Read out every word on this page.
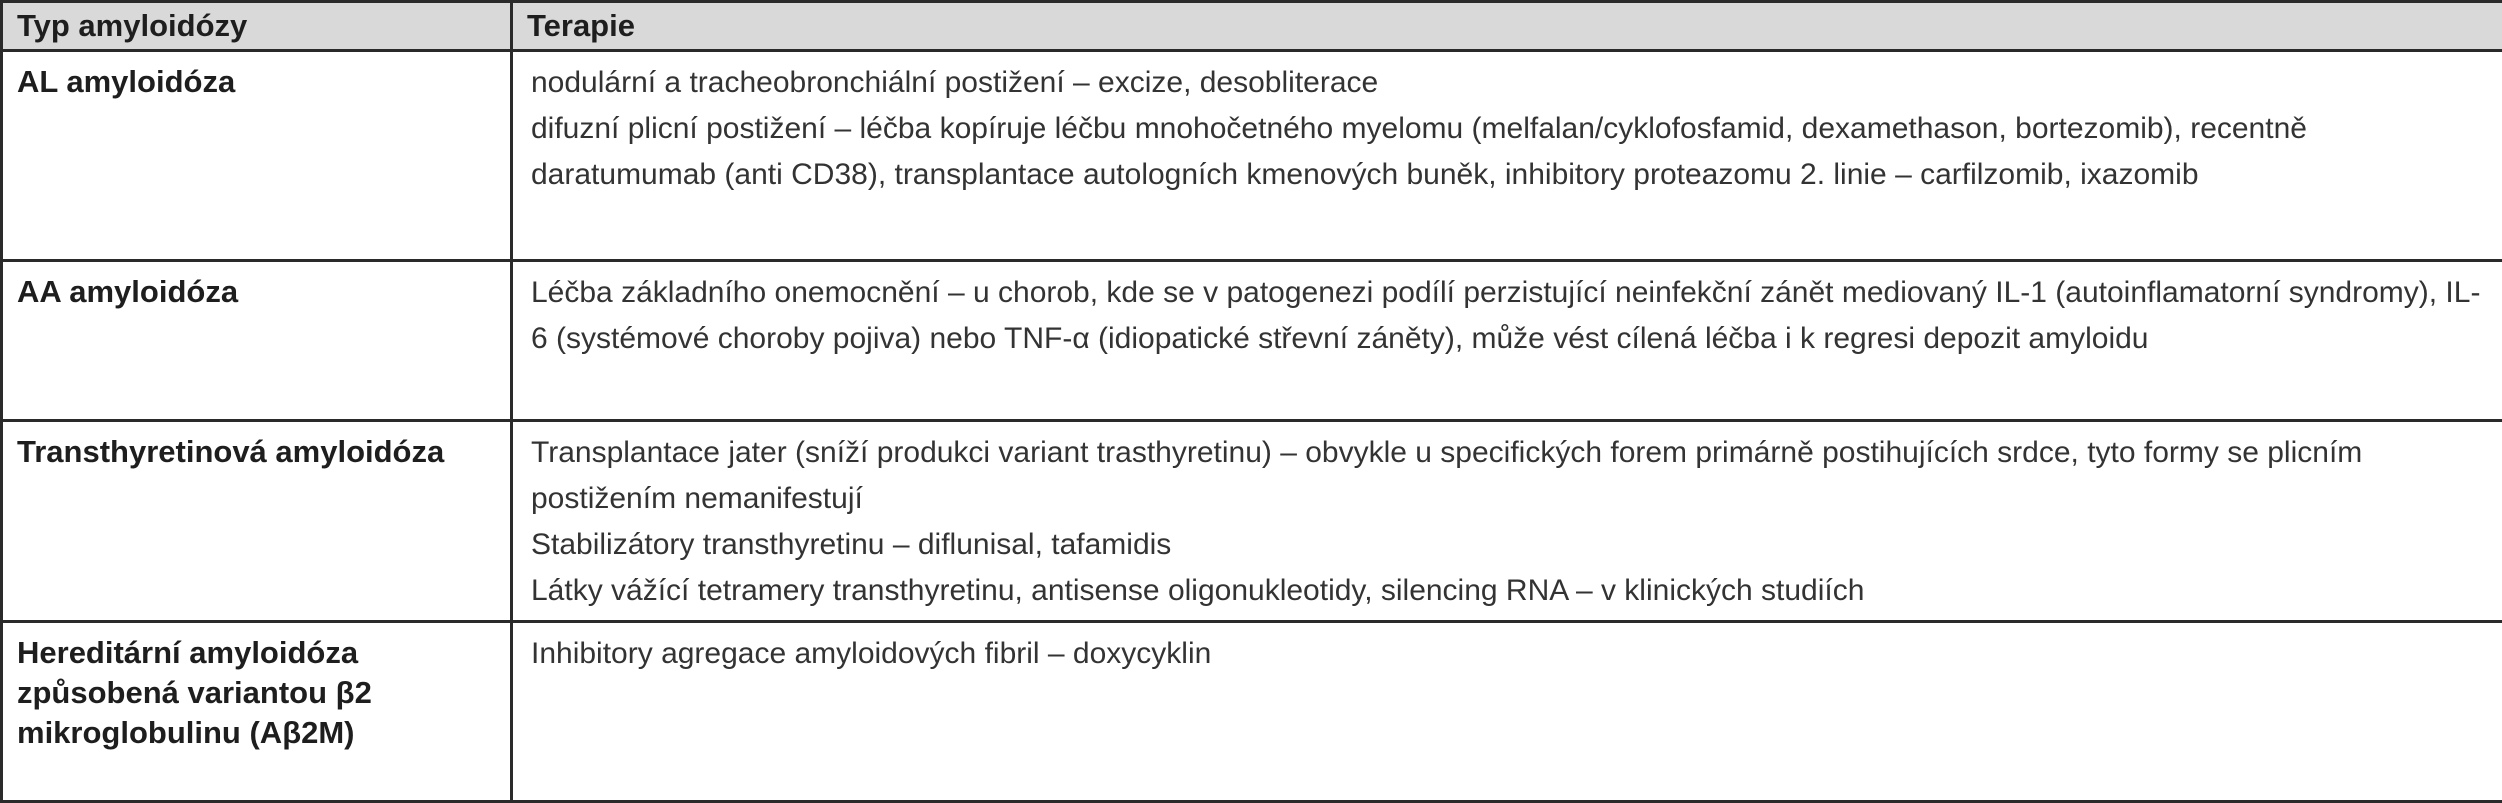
Typ amyloidózy	Terapie
AL amyloidóza	nodulární a tracheobronchiální postižení – excize, desobliterace
difuzní plicní postižení – léčba kopíruje léčbu mnohočetného myelomu (melfalan/cyklofosfamid, dexamethason, bortezomib), recentně daratumumab (anti CD38), transplantace autologních kmenových buněk, inhibitory proteazomu 2. linie – carfilzomib, ixazomib

AA amyloidóza	Léčba základního onemocnění – u chorob, kde se v patogenezi podílí perzistující neinfekční zánět mediovaný IL-1 (autoinflamatorní syndromy), IL-6 (systémové choroby pojiva) nebo TNF-α (idiopatické střevní záněty), může vést cílená léčba i k regresi depozit amyloidu

Transthyretinová amyloidóza	Transplantace jater (sníží produkci variant trasthyretinu) – obvykle u specifických forem primárně postihujících srdce, tyto formy se plicním postižením nemanifestují
Stabilizátory transthyretinu – diflunisal, tafamidis
Látky vážící tetramery transthyretinu, antisense oligonukleotidy, silencing RNA – v klinických studiích

Hereditární amyloidóza způsobená variantou β2 mikroglobulinu (Aβ2M)	Inhibitory agregace amyloidových fibril – doxycyklin
